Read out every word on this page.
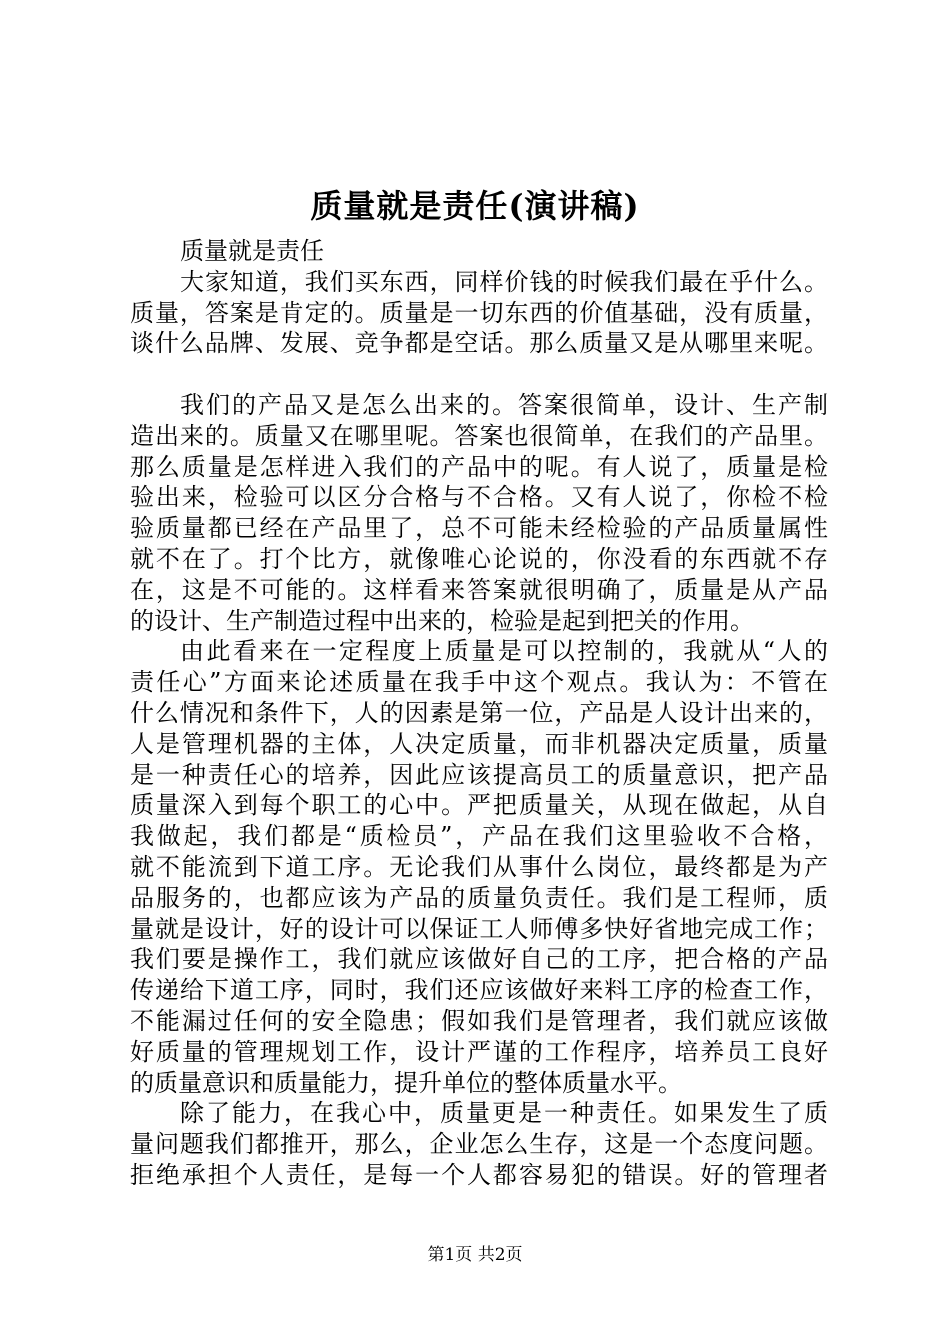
质量就是责任(演讲稿)
质量就是责任
大家知道，我们买东西，同样价钱的时候我们最在乎什么。
质量，答案是肯定的。质量是一切东西的价值基础，没有质量，
谈什么品牌、发展、竞争都是空话。那么质量又是从哪里来呢。
我们的产品又是怎么出来的。答案很简单，设计、生产制
造出来的。质量又在哪里呢。答案也很简单，在我们的产品里。
那么质量是怎样进入我们的产品中的呢。有人说了，质量是检
验出来，检验可以区分合格与不合格。又有人说了，你检不检
验质量都已经在产品里了，总不可能未经检验的产品质量属性
就不在了。打个比方，就像唯心论说的，你没看的东西就不存
在，这是不可能的。这样看来答案就很明确了，质量是从产品
的设计、生产制造过程中出来的，检验是起到把关的作用。
由此看来在一定程度上质量是可以控制的，我就从“人的
责任心”方面来论述质量在我手中这个观点。我认为：不管在
什么情况和条件下，人的因素是第一位，产品是人设计出来的，
人是管理机器的主体，人决定质量，而非机器决定质量，质量
是一种责任心的培养，因此应该提高员工的质量意识，把产品
质量深入到每个职工的心中。严把质量关，从现在做起，从自
我做起，我们都是“质检员”，产品在我们这里验收不合格，
就不能流到下道工序。无论我们从事什么岗位，最终都是为产
品服务的，也都应该为产品的质量负责任。我们是工程师，质
量就是设计，好的设计可以保证工人师傅多快好省地完成工作；
我们要是操作工，我们就应该做好自己的工序，把合格的产品
传递给下道工序，同时，我们还应该做好来料工序的检查工作，
不能漏过任何的安全隐患；假如我们是管理者，我们就应该做
好质量的管理规划工作，设计严谨的工作程序，培养员工良好
的质量意识和质量能力，提升单位的整体质量水平。
除了能力，在我心中，质量更是一种责任。如果发生了质
量问题我们都推开，那么，企业怎么生存，这是一个态度问题。
拒绝承担个人责任，是每一个人都容易犯的错误。好的管理者
第1页 共2页
